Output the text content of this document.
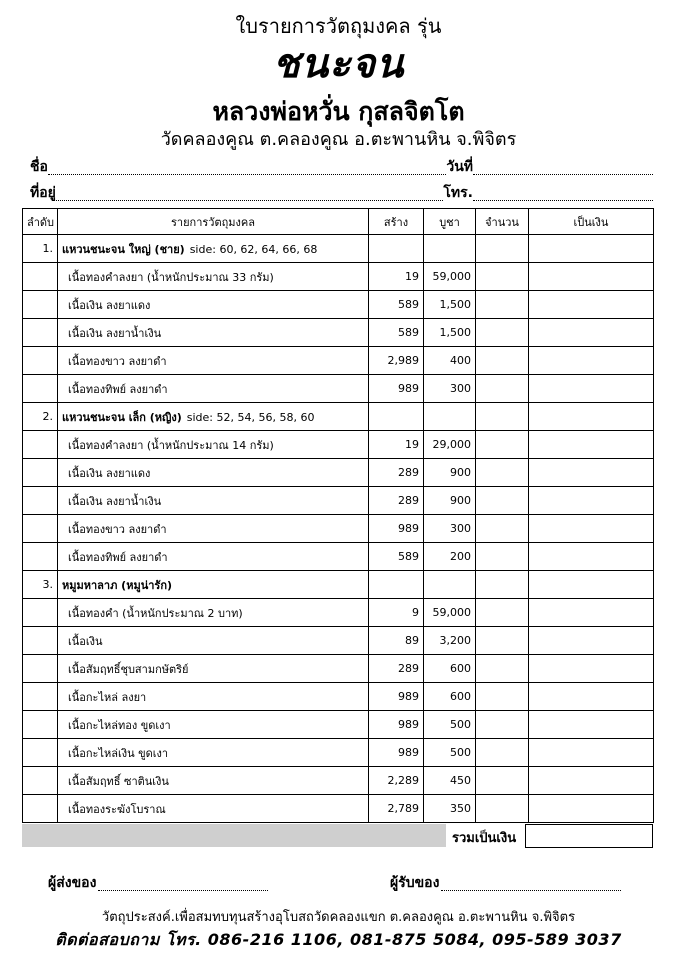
ใบรายการวัตถุมงคล รุ่น
ชนะจน
หลวงพ่อหวั่น กุสลจิตโต
วัดคลองคูณ ต.คลองคูณ อ.ตะพานหิน จ.พิจิตร
ชื่อ	วันที่
ที่อยู่	โทร.
ลำดับ	รายการวัตถุมงคล	สร้าง	บูชา	จำนวน	เป็นเงิน
1.	แหวนชนะจน ใหญ่ (ชาย) side: 60, 62, 64, 66, 68				
	เนื้อทองคำลงยา (น้ำหนักประมาณ 33 กรัม)	19	59,000		
	เนื้อเงิน ลงยาแดง	589	1,500		
	เนื้อเงิน ลงยาน้ำเงิน	589	1,500		
	เนื้อทองขาว ลงยาดำ	2,989	400		
	เนื้อทองทิพย์ ลงยาดำ	989	300		
2.	แหวนชนะจน เล็ก (หญิง) side: 52, 54, 56, 58, 60				
	เนื้อทองคำลงยา (น้ำหนักประมาณ 14 กรัม)	19	29,000		
	เนื้อเงิน ลงยาแดง	289	900		
	เนื้อเงิน ลงยาน้ำเงิน	289	900		
	เนื้อทองขาว ลงยาดำ	989	300		
	เนื้อทองทิพย์ ลงยาดำ	589	200		
3.	หมูมหาลาภ (หมูน่ารัก)				
	เนื้อทองคำ (น้ำหนักประมาณ 2 บาท)	9	59,000		
	เนื้อเงิน	89	3,200		
	เนื้อสัมฤทธิ์ชุบสามกษัตริย์	289	600		
	เนื้อกะไหล่ ลงยา	989	600		
	เนื้อกะไหล่ทอง ขูดเงา	989	500		
	เนื้อกะไหล่เงิน ขูดเงา	989	500		
	เนื้อสัมฤทธิ์ ซาตินเงิน	2,289	450		
	เนื้อทองระฆังโบราณ	2,789	350		
รวมเป็นเงิน
ผู้ส่งของ	ผู้รับของ
วัตถุประสงค์.เพื่อสมทบทุนสร้างอุโบสถวัดคลองแขก ต.คลองคูณ อ.ตะพานหิน จ.พิจิตร
ติดต่อสอบถาม โทร. 086-216 1106, 081-875 5084, 095-589 3037
